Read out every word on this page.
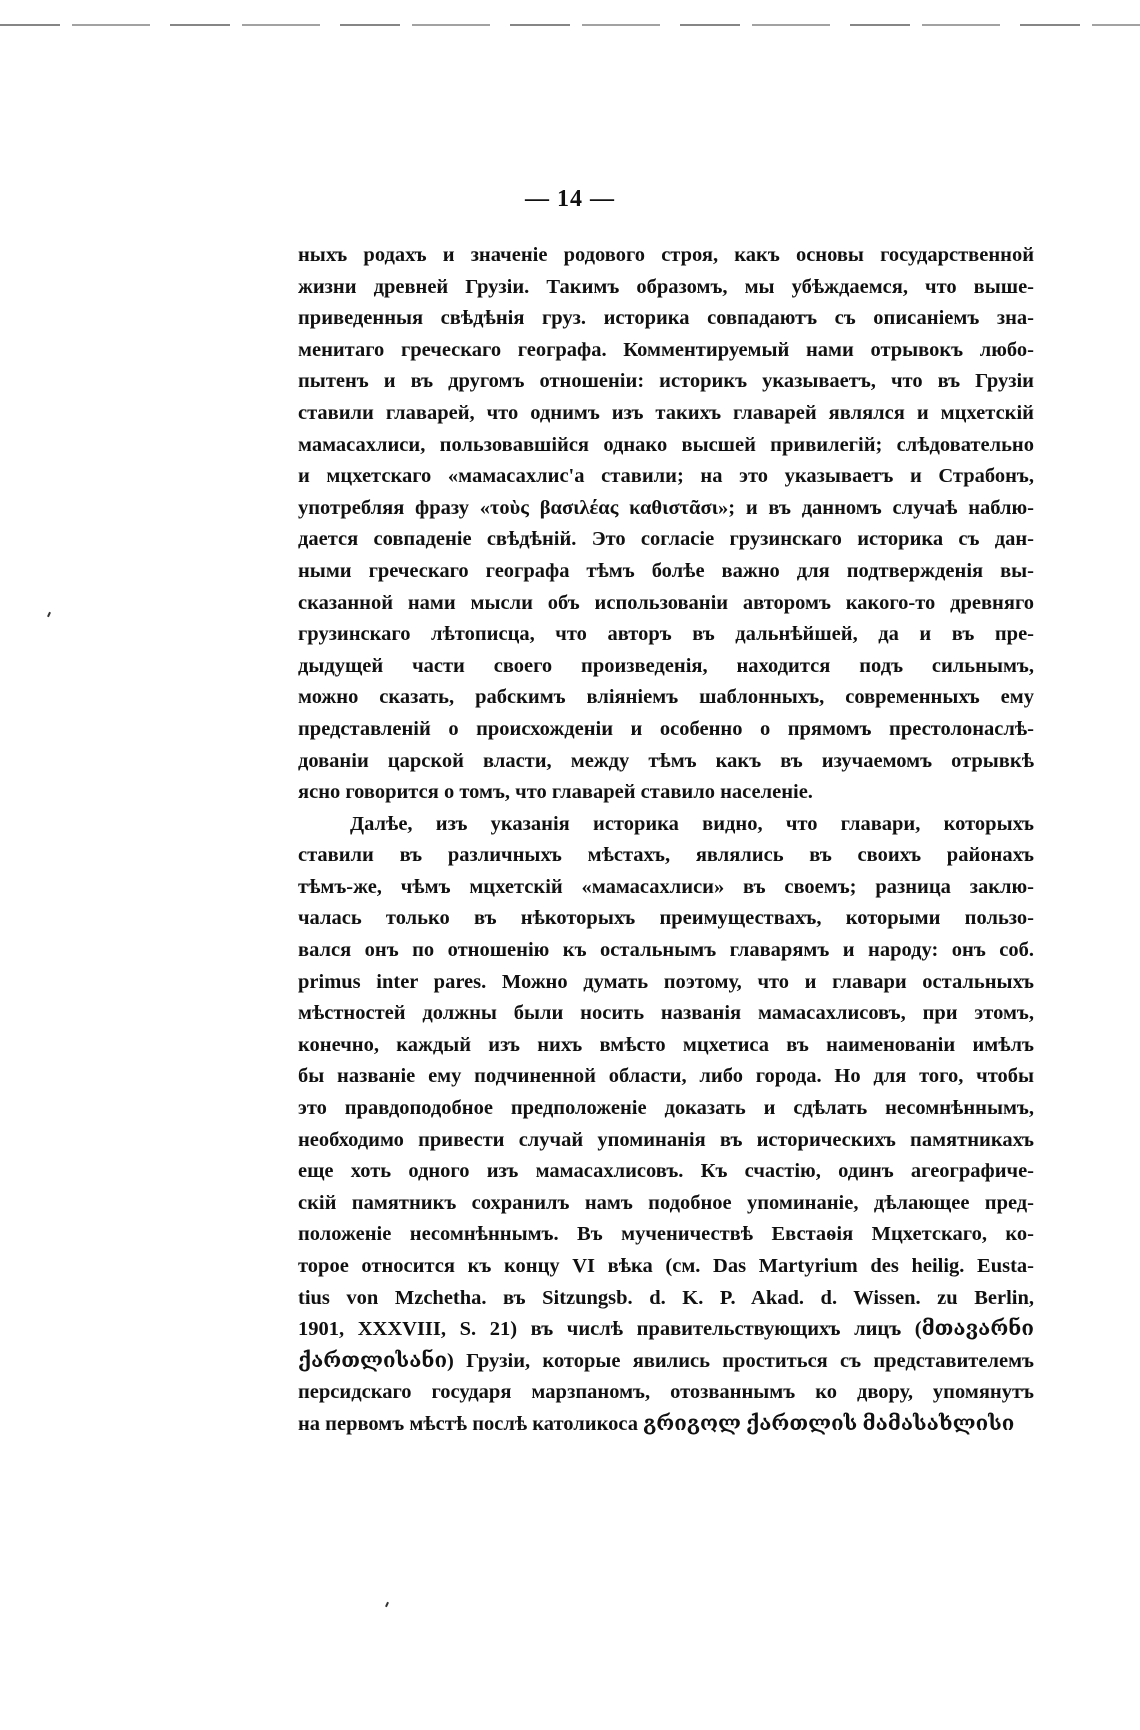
— 14 —
ныхъ родахъ и значеніе родового строя, какъ основы государственной
жизни древней Грузіи. Такимъ образомъ, мы убѣждаемся, что выше-
приведенныя свѣдѣнія груз. историка совпадаютъ съ описаніемъ зна-
менитаго греческаго географа. Комментируемый нами отрывокъ любо-
пытенъ и въ другомъ отношеніи: историкъ указываетъ, что въ Грузіи
ставили главарей, что однимъ изъ такихъ главарей являлся и мцхетскій
мамасахлиси, пользовавшійся однако высшей привилегій; слѣдовательно
и мцхетскаго «мамасахлис'а ставили; на это указываетъ и Страбонъ,
употребляя фразу «τοὺς βασιλέας καθιστᾶσι»; и въ данномъ случаѣ наблю-
дается совпаденіе свѣдѣній. Это согласіе грузинскаго историка съ дан-
ными греческаго географа тѣмъ болѣе важно для подтвержденія вы-
сказанной нами мысли объ использованіи авторомъ какого-то древняго
грузинскаго лѣтописца, что авторъ въ дальнѣйшей, да и въ пре-
дыдущей части своего произведенія, находится подъ сильнымъ,
можно сказать, рабскимъ вліяніемъ шаблонныхъ, современныхъ ему
представленій о происхожденіи и особенно о прямомъ престолонаслѣ-
дованіи царской власти, между тѣмъ какъ въ изучаемомъ отрывкѣ
ясно говорится о томъ, что главарей ставило населеніе.
Далѣе, изъ указанія историка видно, что главари, которыхъ
ставили въ различныхъ мѣстахъ, являлись въ своихъ районахъ
тѣмъ-же, чѣмъ мцхетскій «мамасахлиси» въ своемъ; разница заклю-
чалась только въ нѣкоторыхъ преимуществахъ, которыми пользо-
вался онъ по отношенію къ остальнымъ главарямъ и народу: онъ соб.
primus inter pares. Можно думать поэтому, что и главари остальныхъ
мѣстностей должны были носить названія мамасахлисовъ, при этомъ,
конечно, каждый изъ нихъ вмѣсто мцхетиса въ наименованіи имѣлъ
бы названіе ему подчиненной области, либо города. Но для того, чтобы
это правдоподобное предположеніе доказать и сдѣлать несомнѣннымъ,
необходимо привести случай упоминанія въ историческихъ памятникахъ
еще хоть одного изъ мамасахлисовъ. Къ счастію, одинъ агеографиче-
скій памятникъ сохранилъ намъ подобное упоминаніе, дѣлающее пред-
положеніе несомнѣннымъ. Въ мученичествѣ Евстаѳія Мцхетскаго, ко-
торое относится къ концу VI вѣка (см. Das Martyrium des heilig. Eusta-
tius von Mzchetha. въ Sitzungsb. d. K. P. Akad. d. Wissen. zu Berlin,
1901, XXXVIII, S. 21) въ числѣ правительствующихъ лицъ (მთავარნი
ქართლისანი) Грузіи, которые явились проститься съ представителемъ
персидскаго государя марзпаномъ, отозваннымъ ко двору, упомянутъ
на первомъ мѣстѣ послѣ католикоса გრიგოლ ქართლის მამასახლისი
